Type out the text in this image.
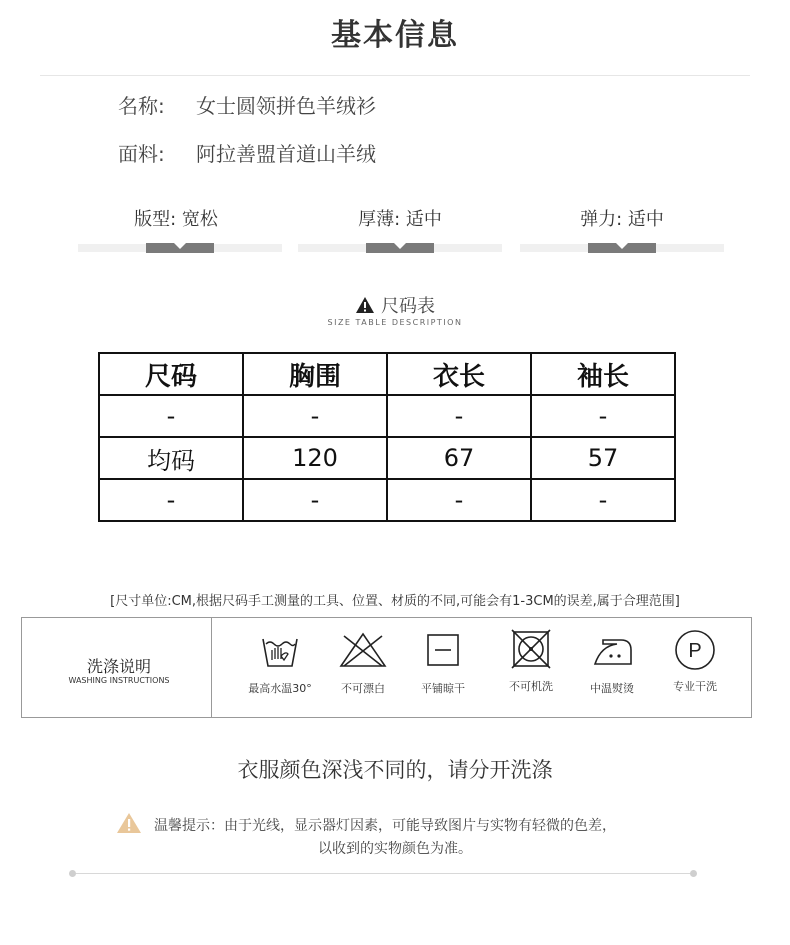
基本信息
名称: 女士圆领拼色羊绒衫
面料: 阿拉善盟首道山羊绒
版型: 宽松	厚薄: 适中	弹力: 适中
尺码表
SIZE TABLE DESCRIPTION
尺码	胸围	衣长	袖长
-	-	-	-
均码	120	67	57
-	-	-	-
[尺寸单位:CM,根据尺码手工测量的工具、位置、材质的不同,可能会有1-3CM的误差,属于合理范围]
洗涤说明
WASHING INSTRUCTIONS
最高水温30°	不可漂白	平铺晾干	不可机洗	中温熨烫
P
专业干洗
衣服颜色深浅不同的，请分开洗涤
温馨提示：由于光线，显示器灯因素，可能导致图片与实物有轻微的色差，
以收到的实物颜色为准。
